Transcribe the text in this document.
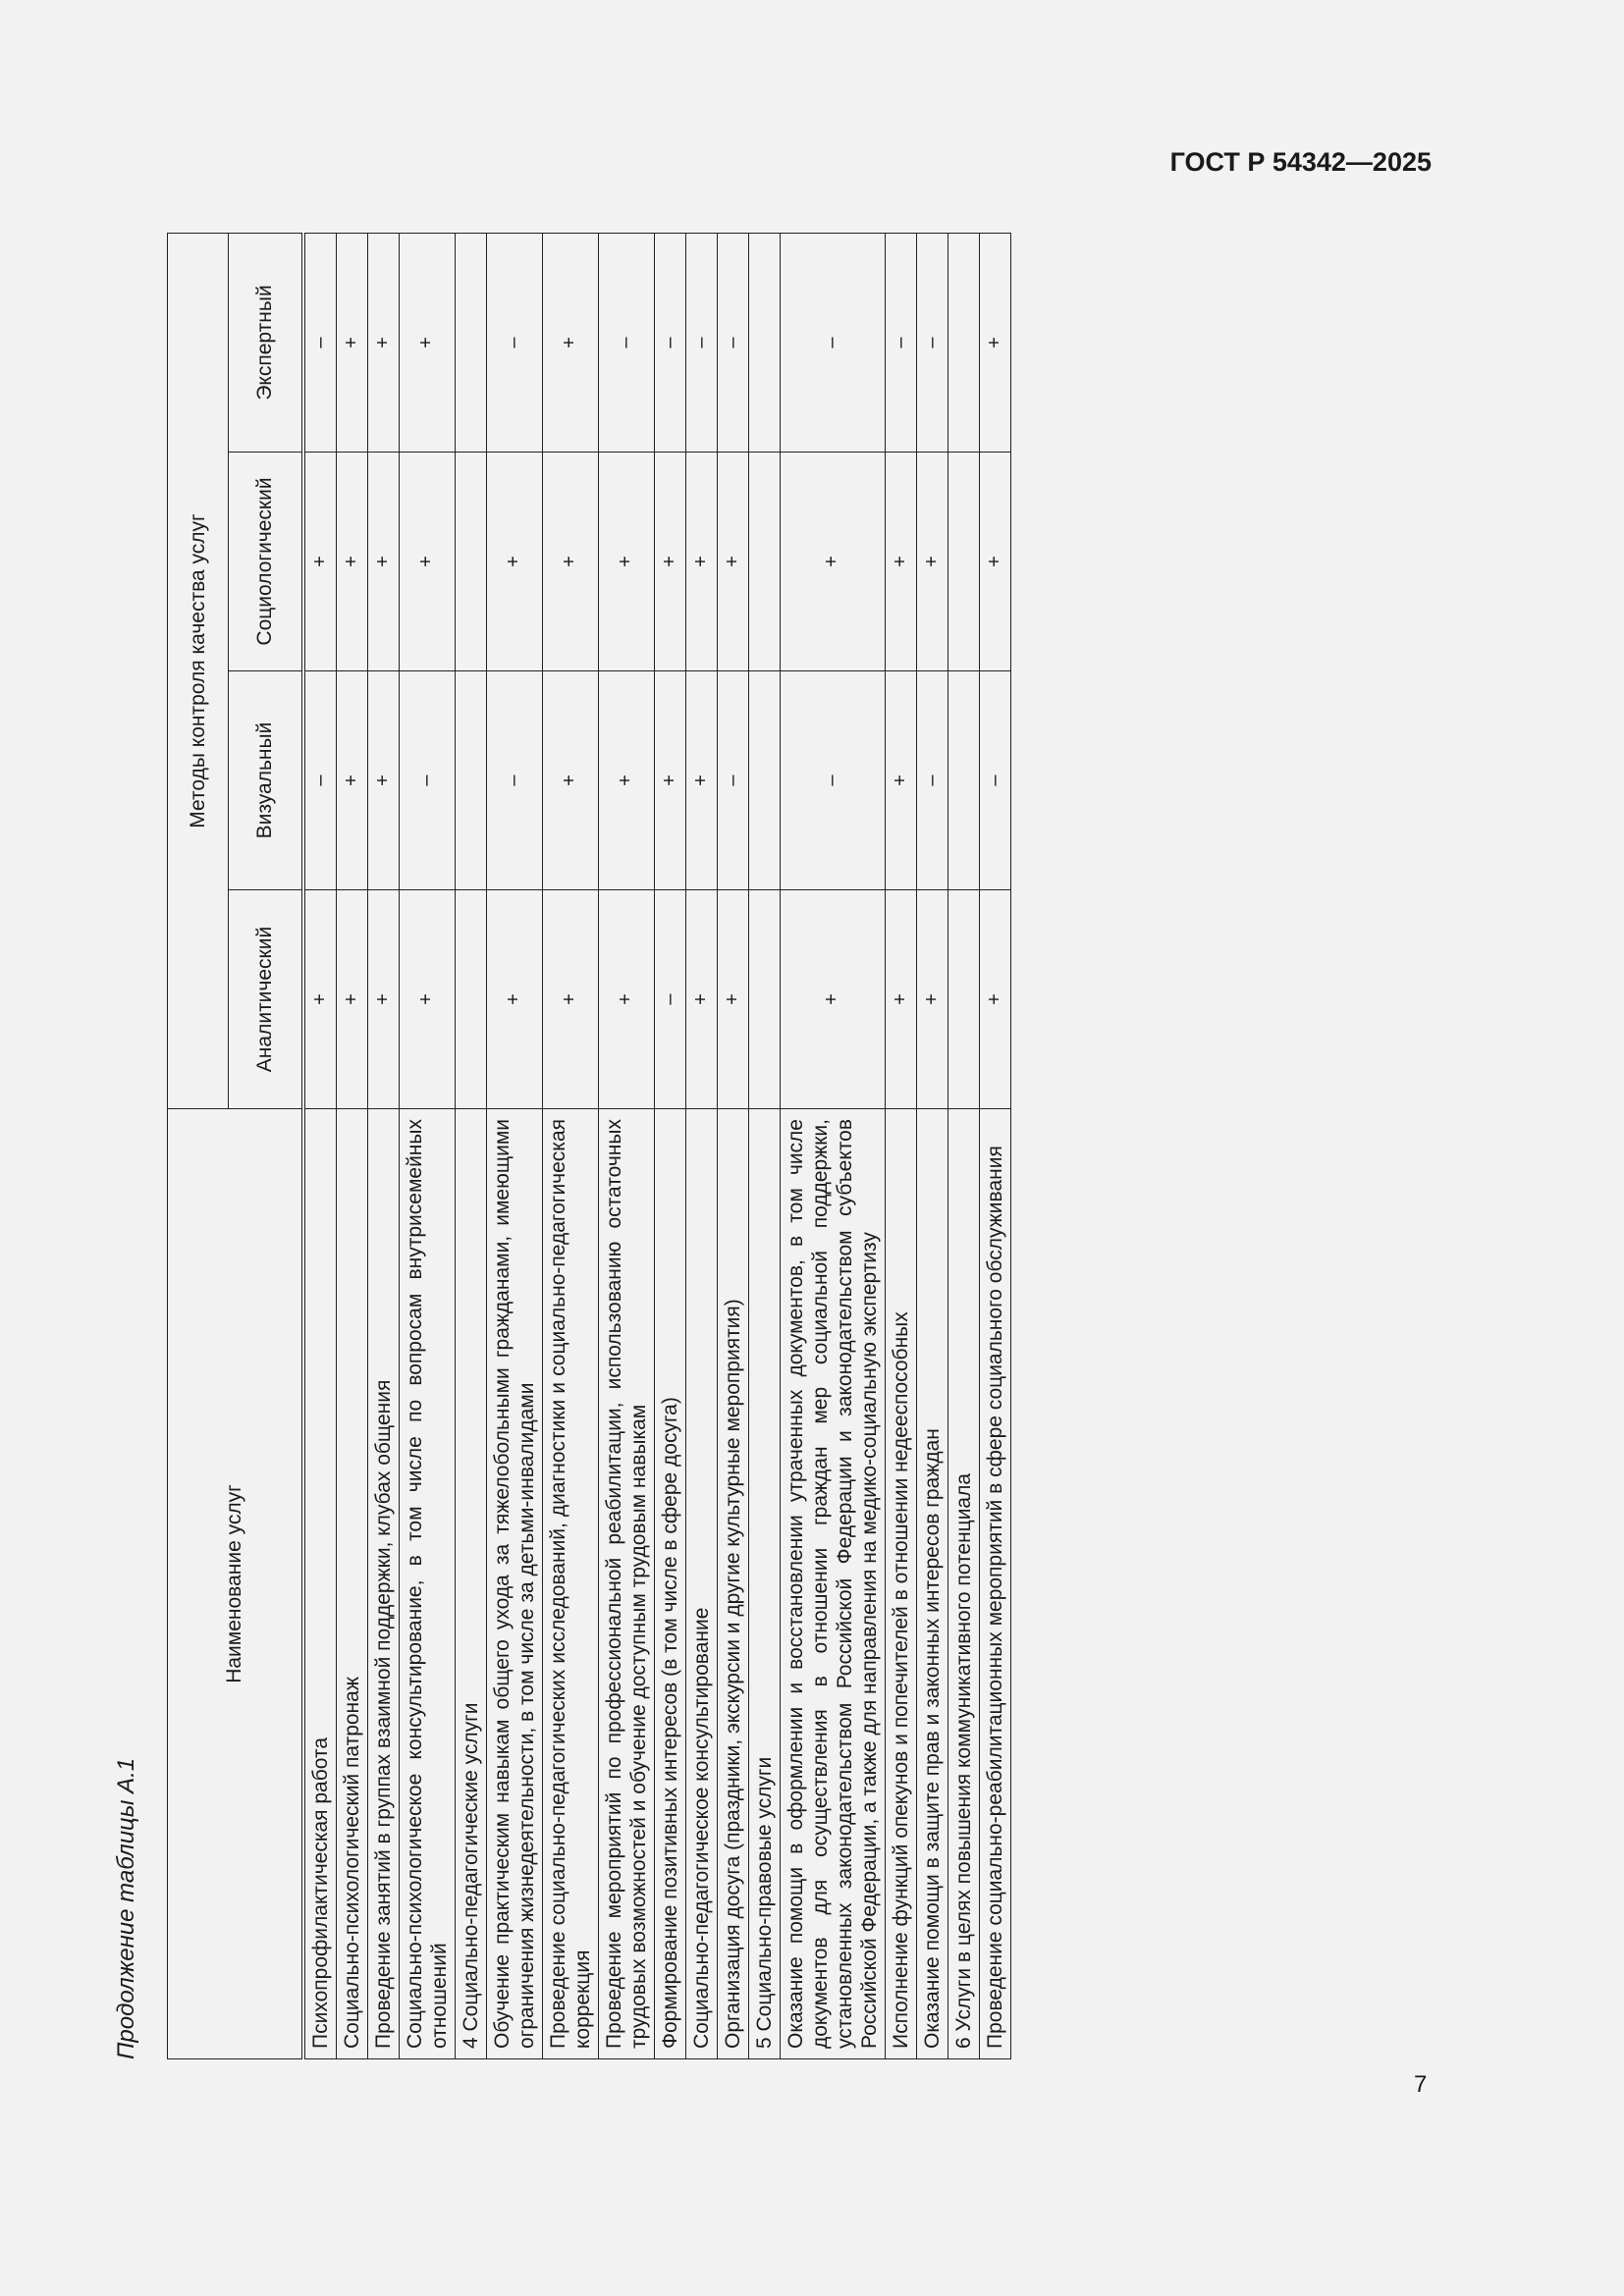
ГОСТ Р 54342—2025
Продолжение таблицы А.1
Наименование услуг	Методы контроля качества услуг			
	Аналитический	Визуальный	Социологический	Экспертный
Психопрофилактическая работа	+	–	+	–
Социально-психологический патронаж	+	+	+	+
Проведение занятий в группах взаимной поддержки, клубах общения	+	+	+	+
Социально-психологическое консультирование, в том числе по вопросам внутрисемейных отношений	+	–	+	+
4 Социально-педагогические услуги				
Обучение практическим навыкам общего ухода за тяжелобольными гражданами, имеющими ограничения жизнедеятельности, в том числе за детьми-инвалидами	+	–	+	–
Проведение социально-педагогических исследований, диагностики и социально-педагогическая коррекция	+	+	+	+
Проведение мероприятий по профессиональной реабилитации, использованию остаточных трудовых возможностей и обучение доступным трудовым навыкам	+	+	+	–
Формирование позитивных интересов (в том числе в сфере досуга)	–	+	+	–
Социально-педагогическое консультирование	+	+	+	–
Организация досуга (праздники, экскурсии и другие культурные мероприятия)	+	–	+	–
5 Социально-правовые услуги				
Оказание помощи в оформлении и восстановлении утраченных документов, в том числе документов для осуществления в отношении граждан мер социальной поддержки, установленных законодательством Российской Федерации и законодательством субъектов Российской Федерации, а также для направления на медико-социальную экспертизу	+	–	+	–
Исполнение функций опекунов и попечителей в отношении недееспособных	+	+	+	–
Оказание помощи в защите прав и законных интересов граждан	+	–	+	–
6 Услуги в целях повышения коммуникативного потенциала				
Проведение социально-реабилитационных мероприятий в сфере социального обслуживания	+	–	+	+
7
